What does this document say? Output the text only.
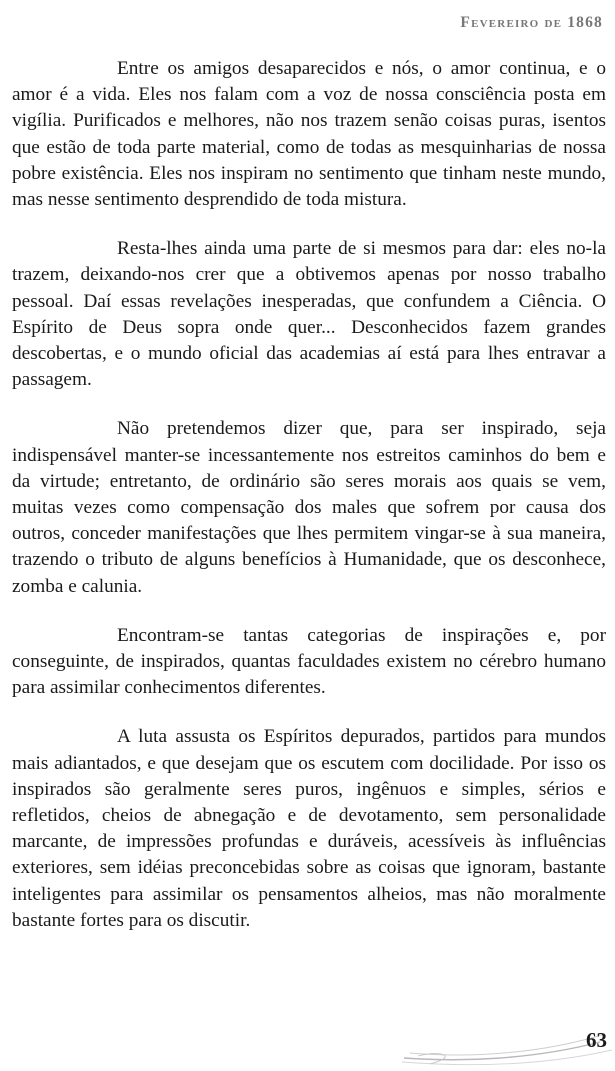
Fevereiro de 1868

Entre os amigos desaparecidos e nós, o amor continua, e o amor é a vida. Eles nos falam com a voz de nossa consciência posta em vigília. Purificados e melhores, não nos trazem senão coisas puras, isentos que estão de toda parte material, como de todas as mesquinharias de nossa pobre existência. Eles nos inspiram no sentimento que tinham neste mundo, mas nesse sentimento desprendido de toda mistura.

Resta-lhes ainda uma parte de si mesmos para dar: eles no-la trazem, deixando-nos crer que a obtivemos apenas por nosso trabalho pessoal. Daí essas revelações inesperadas, que confundem a Ciência. O Espírito de Deus sopra onde quer... Desconhecidos fazem grandes descobertas, e o mundo oficial das academias aí está para lhes entravar a passagem.

Não pretendemos dizer que, para ser inspirado, seja indispensável manter-se incessantemente nos estreitos caminhos do bem e da virtude; entretanto, de ordinário são seres morais aos quais se vem, muitas vezes como compensação dos males que sofrem por causa dos outros, conceder manifestações que lhes permitem vingar-se à sua maneira, trazendo o tributo de alguns benefícios à Humanidade, que os desconhece, zomba e calunia.

Encontram-se tantas categorias de inspirações e, por conseguinte, de inspirados, quantas faculdades existem no cérebro humano para assimilar conhecimentos diferentes.

A luta assusta os Espíritos depurados, partidos para mundos mais adiantados, e que desejam que os escutem com docilidade. Por isso os inspirados são geralmente seres puros, ingênuos e simples, sérios e refletidos, cheios de abnegação e de devotamento, sem personalidade marcante, de impressões profundas e duráveis, acessíveis às influências exteriores, sem idéias preconcebidas sobre as coisas que ignoram, bastante inteligentes para assimilar os pensamentos alheios, mas não moralmente bastante fortes para os discutir.

63
